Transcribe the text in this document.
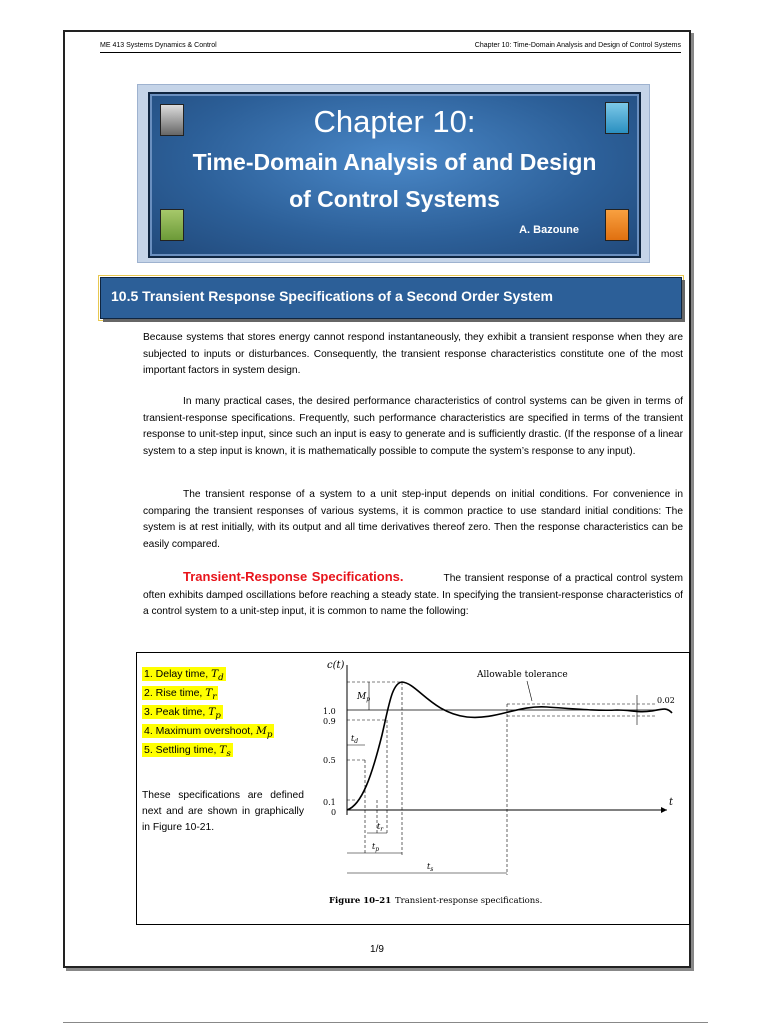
ME 413 Systems Dynamics & Control	Chapter 10: Time-Domain Analysis and Design of Control Systems
Chapter 10:
Time-Domain Analysis of and Design of Control Systems
A. Bazoune
10.5 Transient Response Specifications of a Second Order System
Because systems that stores energy cannot respond instantaneously, they exhibit a transient response when they are subjected to inputs or disturbances. Consequently, the transient response characteristics constitute one of the most important factors in system design.
In many practical cases, the desired performance characteristics of control systems can be given in terms of transient-response specifications. Frequently, such performance characteristics are specified in terms of the transient response to unit-step input, since such an input is easy to generate and is sufficiently drastic. (If the response of a linear system to a step input is known, it is mathematically possible to compute the system’s response to any input).
The transient response of a system to a unit step-input depends on initial conditions. For convenience in comparing the transient responses of various systems, it is common practice to use standard initial conditions: The system is at rest initially, with its output and all time derivatives thereof zero. Then the response characteristics can be easily compared.
Transient-Response Specifications.	The transient response of a practical control system often exhibits damped oscillations before reaching a steady state. In specifying the transient-response characteristics of a control system to a unit-step input, it is common to name the following:
1. Delay time, $T_d$
2. Rise time, $T_r$
3. Peak time, $T_p$
4. Maximum overshoot, $M_p$
5. Settling time, $T_s$
These specifications are defined next and are shown in graphically in Figure 10-21.
c(t)
t
1.0
0.9
0.5
0.1
0
$M_p$
$t_d$
$t_r$
$t_p$
$t_s$
Allowable tolerance
0.02
Figure 10–21 Transient-response specifications.
1/9
